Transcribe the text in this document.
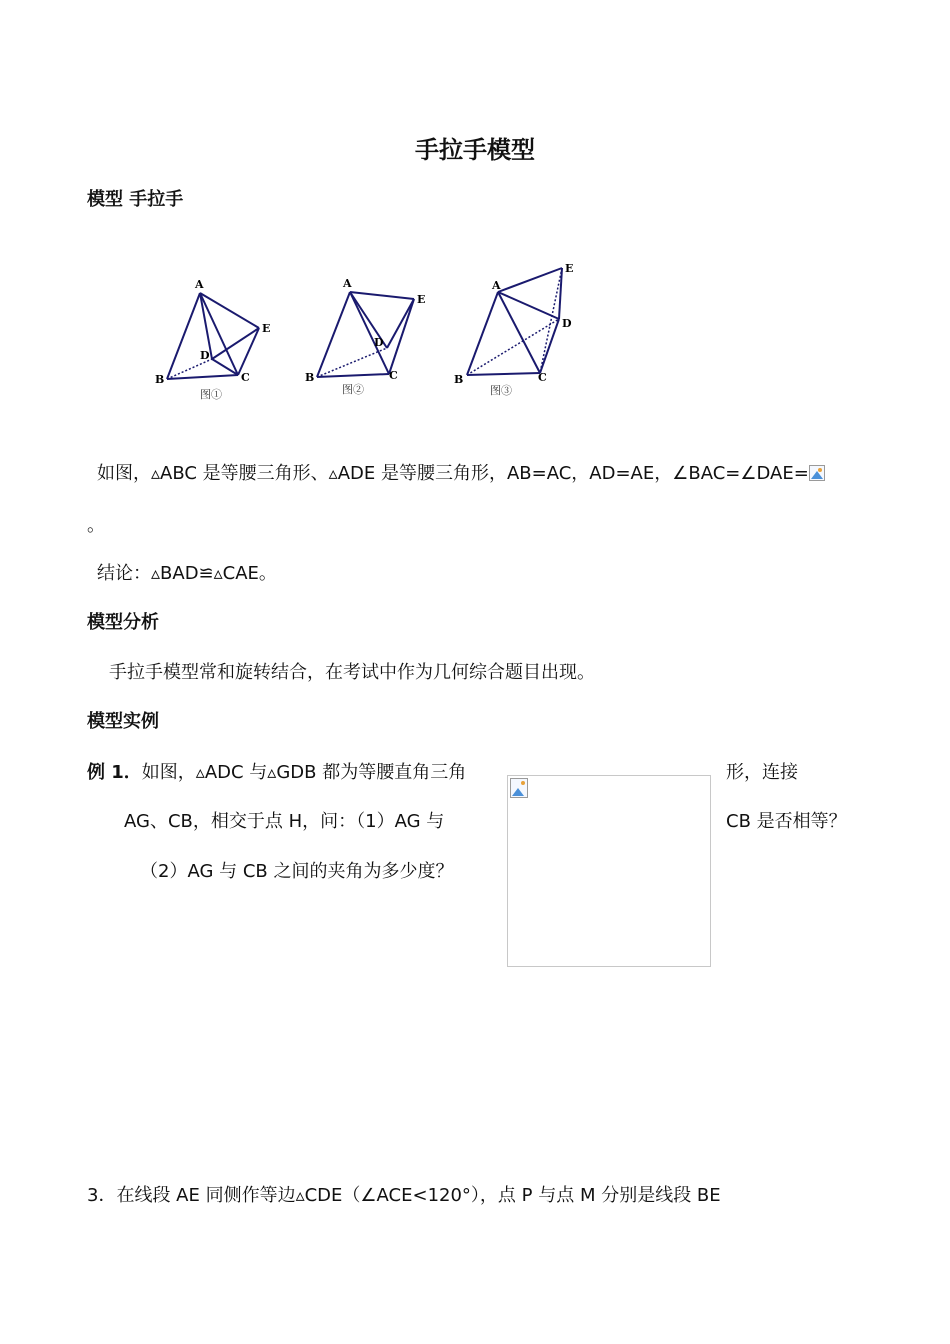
手拉手模型
模型 手拉手
A
B	C
D
E
图①
A
B	C
D
E
图②
A
B	C
D
E
图③
如图，▵ABC 是等腰三角形、▵ADE 是等腰三角形，AB=AC，AD=AE，∠BAC=∠DAE=
。
结论：▵BAD≌▵CAE。
模型分析
手拉手模型常和旋转结合，在考试中作为几何综合题目出现。
模型实例
例 1．如图，▵ADC 与▵GDB 都为等腰直角三角	形，连接
AG、CB，相交于点 H，问：（1）AG 与	CB 是否相等？
（2）AG 与 CB 之间的夹角为多少度？
3．在线段 AE 同侧作等边▵CDE（∠ACE<120°），点 P 与点 M 分别是线段 BE
